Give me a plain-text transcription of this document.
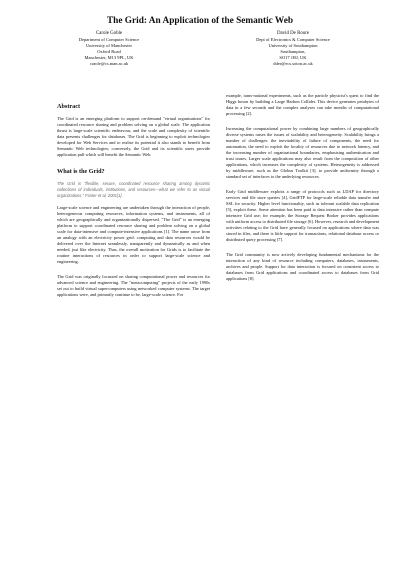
The Grid: An Application of the Semantic Web
Carole Goble
Department of Computer Science
University of Manchester
Oxford Road
Manchester, M13 9PL, UK
carole@cs.man.ac.uk
David De Roure
Dept of Electronics & Computer Science
University of Southampton
Southampton,
SO17 1BJ, UK
dder@ecs.soton.ac.uk
Abstract

The Grid is an emerging platform to support on-demand "virtual organisations" for coordinated resource sharing and problem solving on a global scale. The application thrust is large-scale scientific endeavour, and the scale and complexity of scientific data presents challenges for databases. The Grid is beginning to exploit technologies developed for Web Services and to realise its potential it also stands to benefit from Semantic Web technologies; conversely, the Grid and its scientific users provide application pull which will benefit the Semantic Web.

What is the Grid?

The Grid is "flexible, secure, coordinated resource sharing among dynamic collections of individuals, institutions, and resources—what we refer to as virtual organizations." Foster et al, 2001[1].

Large-scale science and engineering are undertaken through the interaction of people, heterogeneous computing resources, information systems, and instruments, all of which are geographically and organizationally dispersed. "The Grid" is an emerging platform to support coordinated resource sharing and problem solving on a global scale for data-intensive and compute-intensive applications [1]. The name arose from an analogy with an electricity power grid: computing and data resources would be delivered over the Internet seamlessly, transparently and dynamically as and when needed, just like electricity. Thus, the overall motivation for Grids is to facilitate the routine interactions of resources in order to support large-scale science and engineering.

The Grid was originally focussed on sharing computational power and resources for advanced science and engineering. The "metacomputing" projects of the early 1990s set out to build virtual supercomputers using networked computer systems. The target applications were, and primarily continue to be, large-scale science. For

example, trans-national experiments, such as the particle physicist's quest to find the Higgs boson by building a Large Hadron Collider. This device generates petabytes of data in a few seconds and the complex analyses can take months of computational processing [2].

Increasing the computational power by combining large numbers of geographically diverse systems raises the issues of scalability and heterogeneity. Scalability brings a number of challenges: the inevitability of failure of components, the need for automation, the need to exploit the locality of resources due to network latency, and the increasing number of organisational boundaries, emphasising authentication and trust issues. Larger scale applications may also result from the composition of other applications, which increases the complexity of systems. Heterogeneity is addressed by middleware, such as the Globus Toolkit [3], to provide uniformity through a standard set of interfaces to the underlying resources.

Early Grid middleware exploits a range of protocols such as LDAP for directory services and file store queries [4], GridFTP for large-scale reliable data transfer and SSL for security. Higher level functionality, such as tolerant scalable data replication [5], exploit these. Some attention has been paid to data intensive rather than compute intensive Grid use; for example, the Storage Request Broker provides applications with uniform access to distributed file storage [6]. However, research and development activities relating to the Grid have generally focused on applications where data was stored in files, and there is little support for transactions, relational database access or distributed query processing [7].

The Grid community is now actively developing fundamental mechanisms for the interaction of any kind of resource including computers, databases, instruments, archives and people. Support for data interaction is focused on consistent access to databases from Grid applications and coordinated access to databases from Grid applications [8].
